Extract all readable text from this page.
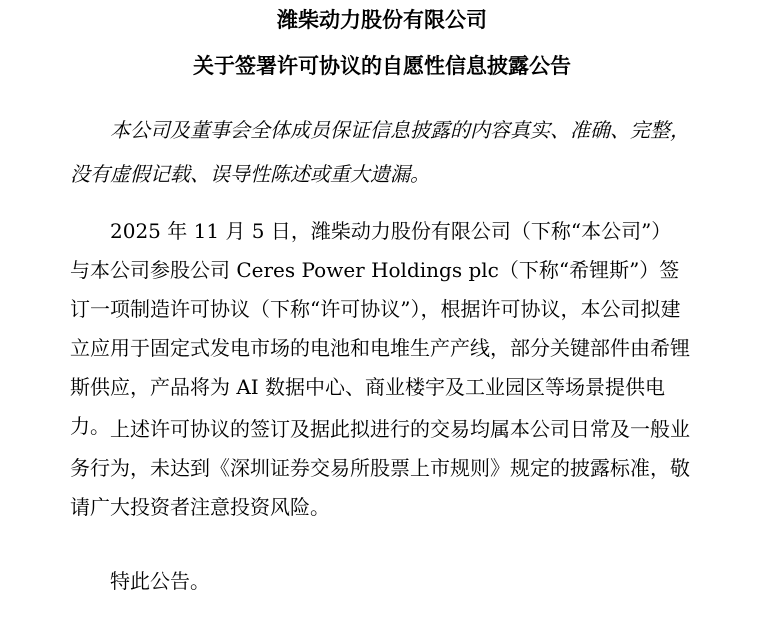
潍柴动力股份有限公司
关于签署许可协议的自愿性信息披露公告
本公司及董事会全体成员保证信息披露的内容真实、准确、完整，没有虚假记载、误导性陈述或重大遗漏。
2025 年 11 月 5 日，潍柴动力股份有限公司（下称“本公司”）与本公司参股公司 Ceres Power Holdings plc（下称“希锂斯”）签订一项制造许可协议（下称“许可协议”），根据许可协议，本公司拟建立应用于固定式发电市场的电池和电堆生产产线，部分关键部件由希锂斯供应，产品将为 AI 数据中心、商业楼宇及工业园区等场景提供电力。 上述许可协议的签订及据此拟进行的交易均属本公司日常及一般业务行为，未达到《深圳证券交易所股票上市规则》规定的披露标准，敬请广大投资者注意投资风险。
特此公告。
